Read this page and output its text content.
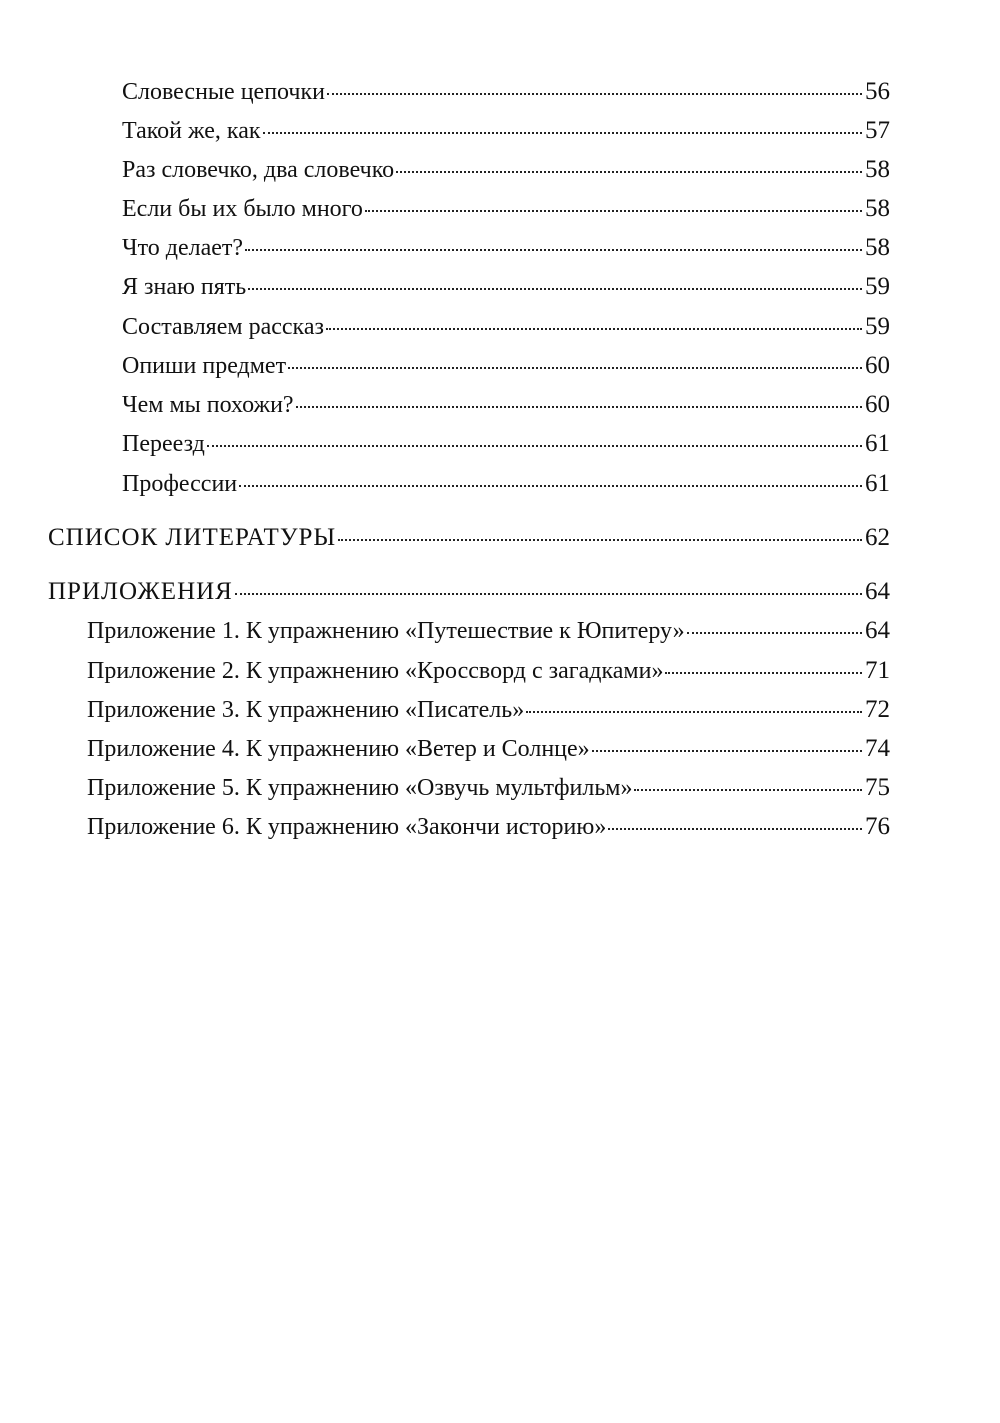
Словесные цепочки	56
Такой же, как	57
Раз словечко, два словечко	58
Если бы их было много	58
Что делает?	58
Я знаю пять	59
Составляем рассказ	59
Опиши предмет	60
Чем мы похожи?	60
Переезд	61
Профессии	61
СПИСОК ЛИТЕРАТУРЫ	62
ПРИЛОЖЕНИЯ	64
Приложение 1. К упражнению «Путешествие к Юпитеру»	64
Приложение 2. К упражнению «Кроссворд с загадками»	71
Приложение 3. К упражнению «Писатель»	72
Приложение 4. К упражнению «Ветер и Солнце»	74
Приложение 5. К упражнению «Озвучь мультфильм»	75
Приложение 6. К упражнению «Закончи историю»	76
